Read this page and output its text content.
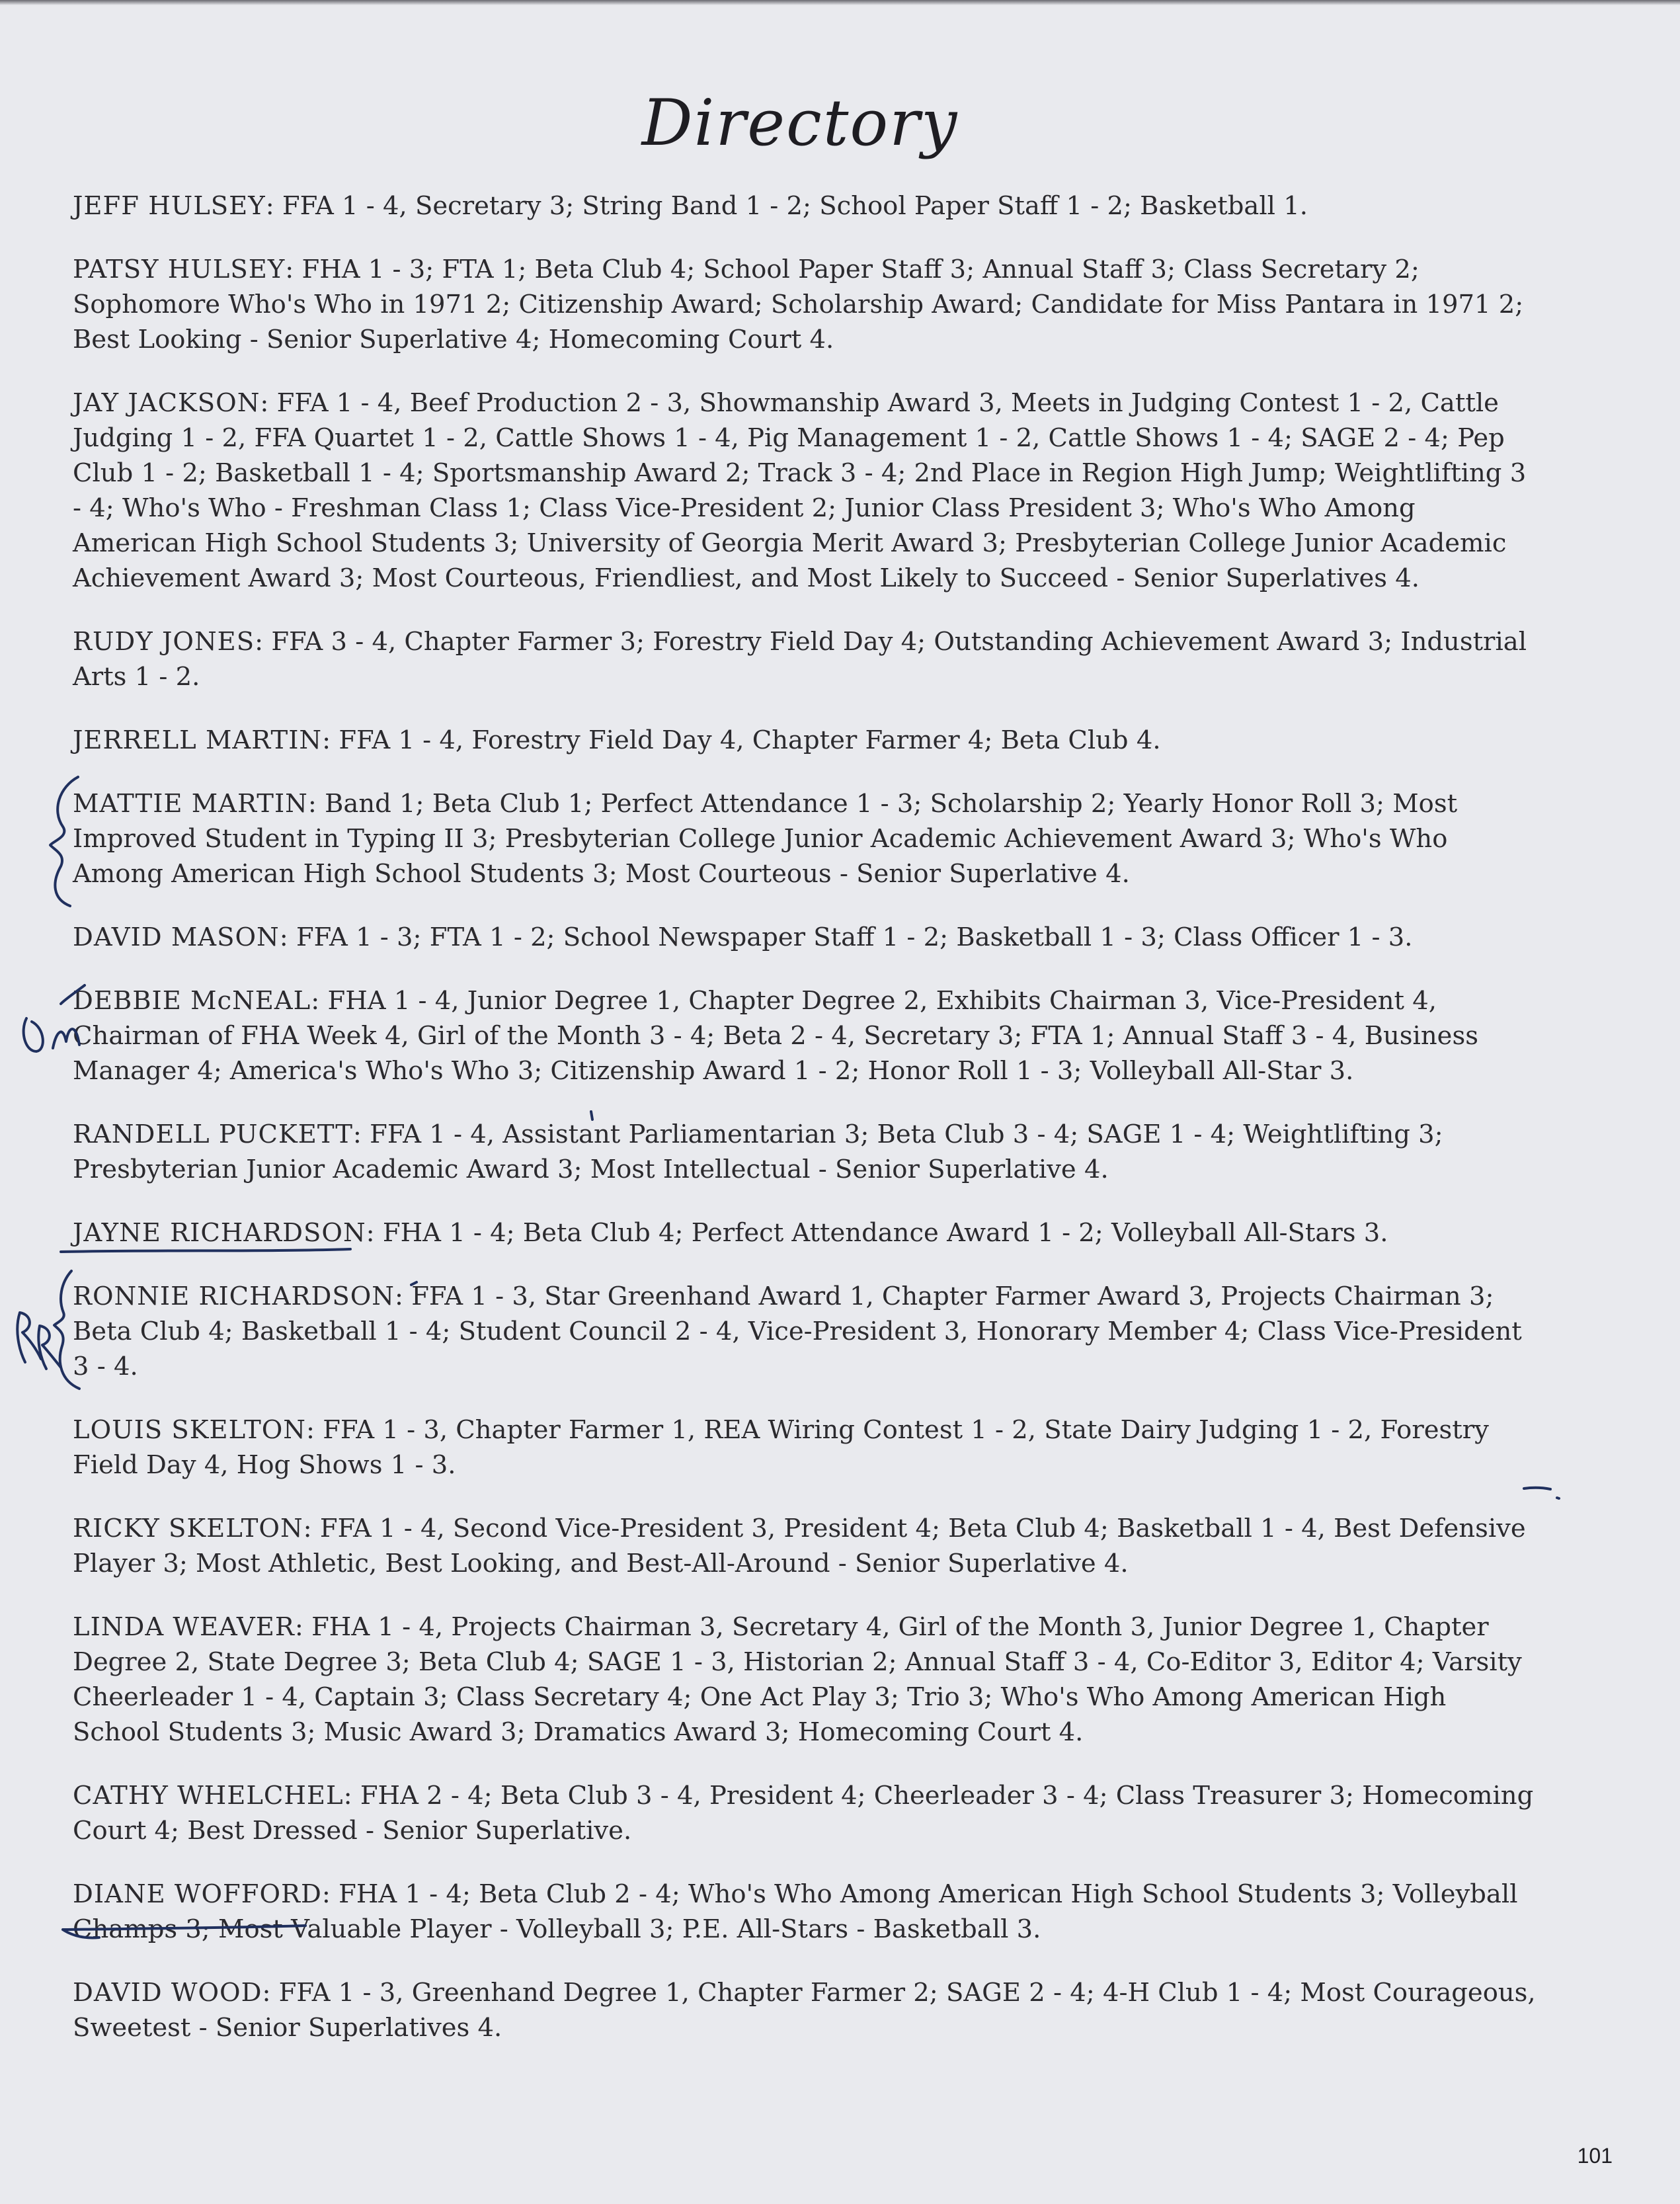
Directory

JEFF HULSEY: FFA 1 - 4, Secretary 3; String Band 1 - 2; School Paper Staff 1 - 2; Basketball 1.

PATSY HULSEY: FHA 1 - 3; FTA 1; Beta Club 4; School Paper Staff 3; Annual Staff 3; Class Secretary 2; Sophomore Who's Who in 1971 2; Citizenship Award; Scholarship Award; Candidate for Miss Pantara in 1971 2; Best Looking - Senior Superlative 4; Homecoming Court 4.

JAY JACKSON: FFA 1 - 4, Beef Production 2 - 3, Showmanship Award 3, Meets in Judging Contest 1 - 2, Cattle Judging 1 - 2, FFA Quartet 1 - 2, Cattle Shows 1 - 4, Pig Management 1 - 2, Cattle Shows 1 - 4; SAGE 2 - 4; Pep Club 1 - 2; Basketball 1 - 4; Sportsmanship Award 2; Track 3 - 4; 2nd Place in Region High Jump; Weightlifting 3 - 4; Who's Who - Freshman Class 1; Class Vice-President 2; Junior Class President 3; Who's Who Among American High School Students 3; University of Georgia Merit Award 3; Presbyterian College Junior Academic Achievement Award 3; Most Courteous, Friendliest, and Most Likely to Succeed - Senior Superlatives 4.

RUDY JONES: FFA 3 - 4, Chapter Farmer 3; Forestry Field Day 4; Outstanding Achievement Award 3; Industrial Arts 1 - 2.

JERRELL MARTIN: FFA 1 - 4, Forestry Field Day 4, Chapter Farmer 4; Beta Club 4.

MATTIE MARTIN: Band 1; Beta Club 1; Perfect Attendance 1 - 3; Scholarship 2; Yearly Honor Roll 3; Most Improved Student in Typing II 3; Presbyterian College Junior Academic Achievement Award 3; Who's Who Among American High School Students 3; Most Courteous - Senior Superlative 4.

DAVID MASON: FFA 1 - 3; FTA 1 - 2; School Newspaper Staff 1 - 2; Basketball 1 - 3; Class Officer 1 - 3.

DEBBIE McNEAL: FHA 1 - 4, Junior Degree 1, Chapter Degree 2, Exhibits Chairman 3, Vice-President 4, Chairman of FHA Week 4, Girl of the Month 3 - 4; Beta 2 - 4, Secretary 3; FTA 1; Annual Staff 3 - 4, Business Manager 4; America's Who's Who 3; Citizenship Award 1 - 2; Honor Roll 1 - 3; Volleyball All-Star 3.

RANDELL PUCKETT: FFA 1 - 4, Assistant Parliamentarian 3; Beta Club 3 - 4; SAGE 1 - 4; Weightlifting 3; Presbyterian Junior Academic Award 3; Most Intellectual - Senior Superlative 4.

JAYNE RICHARDSON: FHA 1 - 4; Beta Club 4; Perfect Attendance Award 1 - 2; Volleyball All-Stars 3.

RONNIE RICHARDSON: FFA 1 - 3, Star Greenhand Award 1, Chapter Farmer Award 3, Projects Chairman 3; Beta Club 4; Basketball 1 - 4; Student Council 2 - 4, Vice-President 3, Honorary Member 4; Class Vice-President 3 - 4.

LOUIS SKELTON: FFA 1 - 3, Chapter Farmer 1, REA Wiring Contest 1 - 2, State Dairy Judging 1 - 2, Forestry Field Day 4, Hog Shows 1 - 3.

RICKY SKELTON: FFA 1 - 4, Second Vice-President 3, President 4; Beta Club 4; Basketball 1 - 4, Best Defensive Player 3; Most Athletic, Best Looking, and Best-All-Around - Senior Superlative 4.

LINDA WEAVER: FHA 1 - 4, Projects Chairman 3, Secretary 4, Girl of the Month 3, Junior Degree 1, Chapter Degree 2, State Degree 3; Beta Club 4; SAGE 1 - 3, Historian 2; Annual Staff 3 - 4, Co-Editor 3, Editor 4; Varsity Cheerleader 1 - 4, Captain 3; Class Secretary 4; One Act Play 3; Trio 3; Who's Who Among American High School Students 3; Music Award 3; Dramatics Award 3; Homecoming Court 4.

CATHY WHELCHEL: FHA 2 - 4; Beta Club 3 - 4, President 4; Cheerleader 3 - 4; Class Treasurer 3; Homecoming Court 4; Best Dressed - Senior Superlative.

DIANE WOFFORD: FHA 1 - 4; Beta Club 2 - 4; Who's Who Among American High School Students 3; Volleyball Champs 3; Most Valuable Player - Volleyball 3; P.E. All-Stars - Basketball 3.

DAVID WOOD: FFA 1 - 3, Greenhand Degree 1, Chapter Farmer 2; SAGE 2 - 4; 4-H Club 1 - 4; Most Courageous, Sweetest - Senior Superlatives 4.

101
